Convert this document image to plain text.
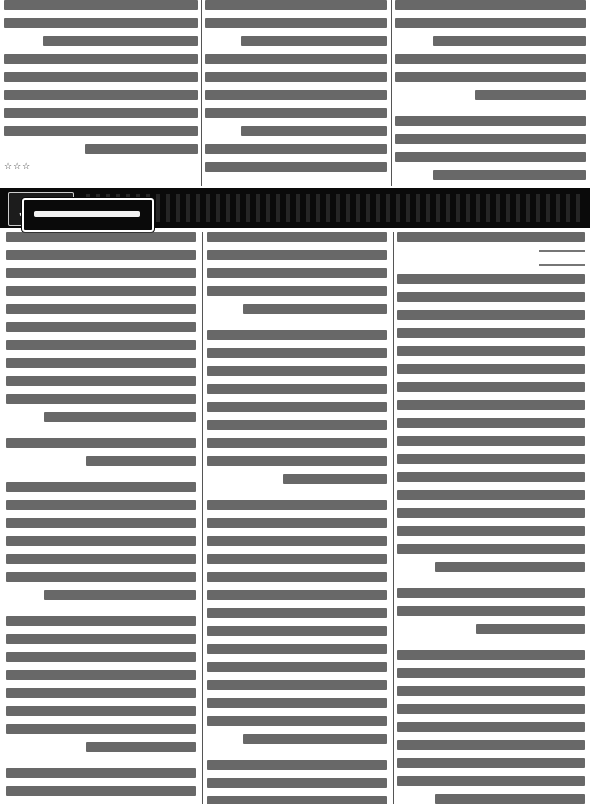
☆☆☆
